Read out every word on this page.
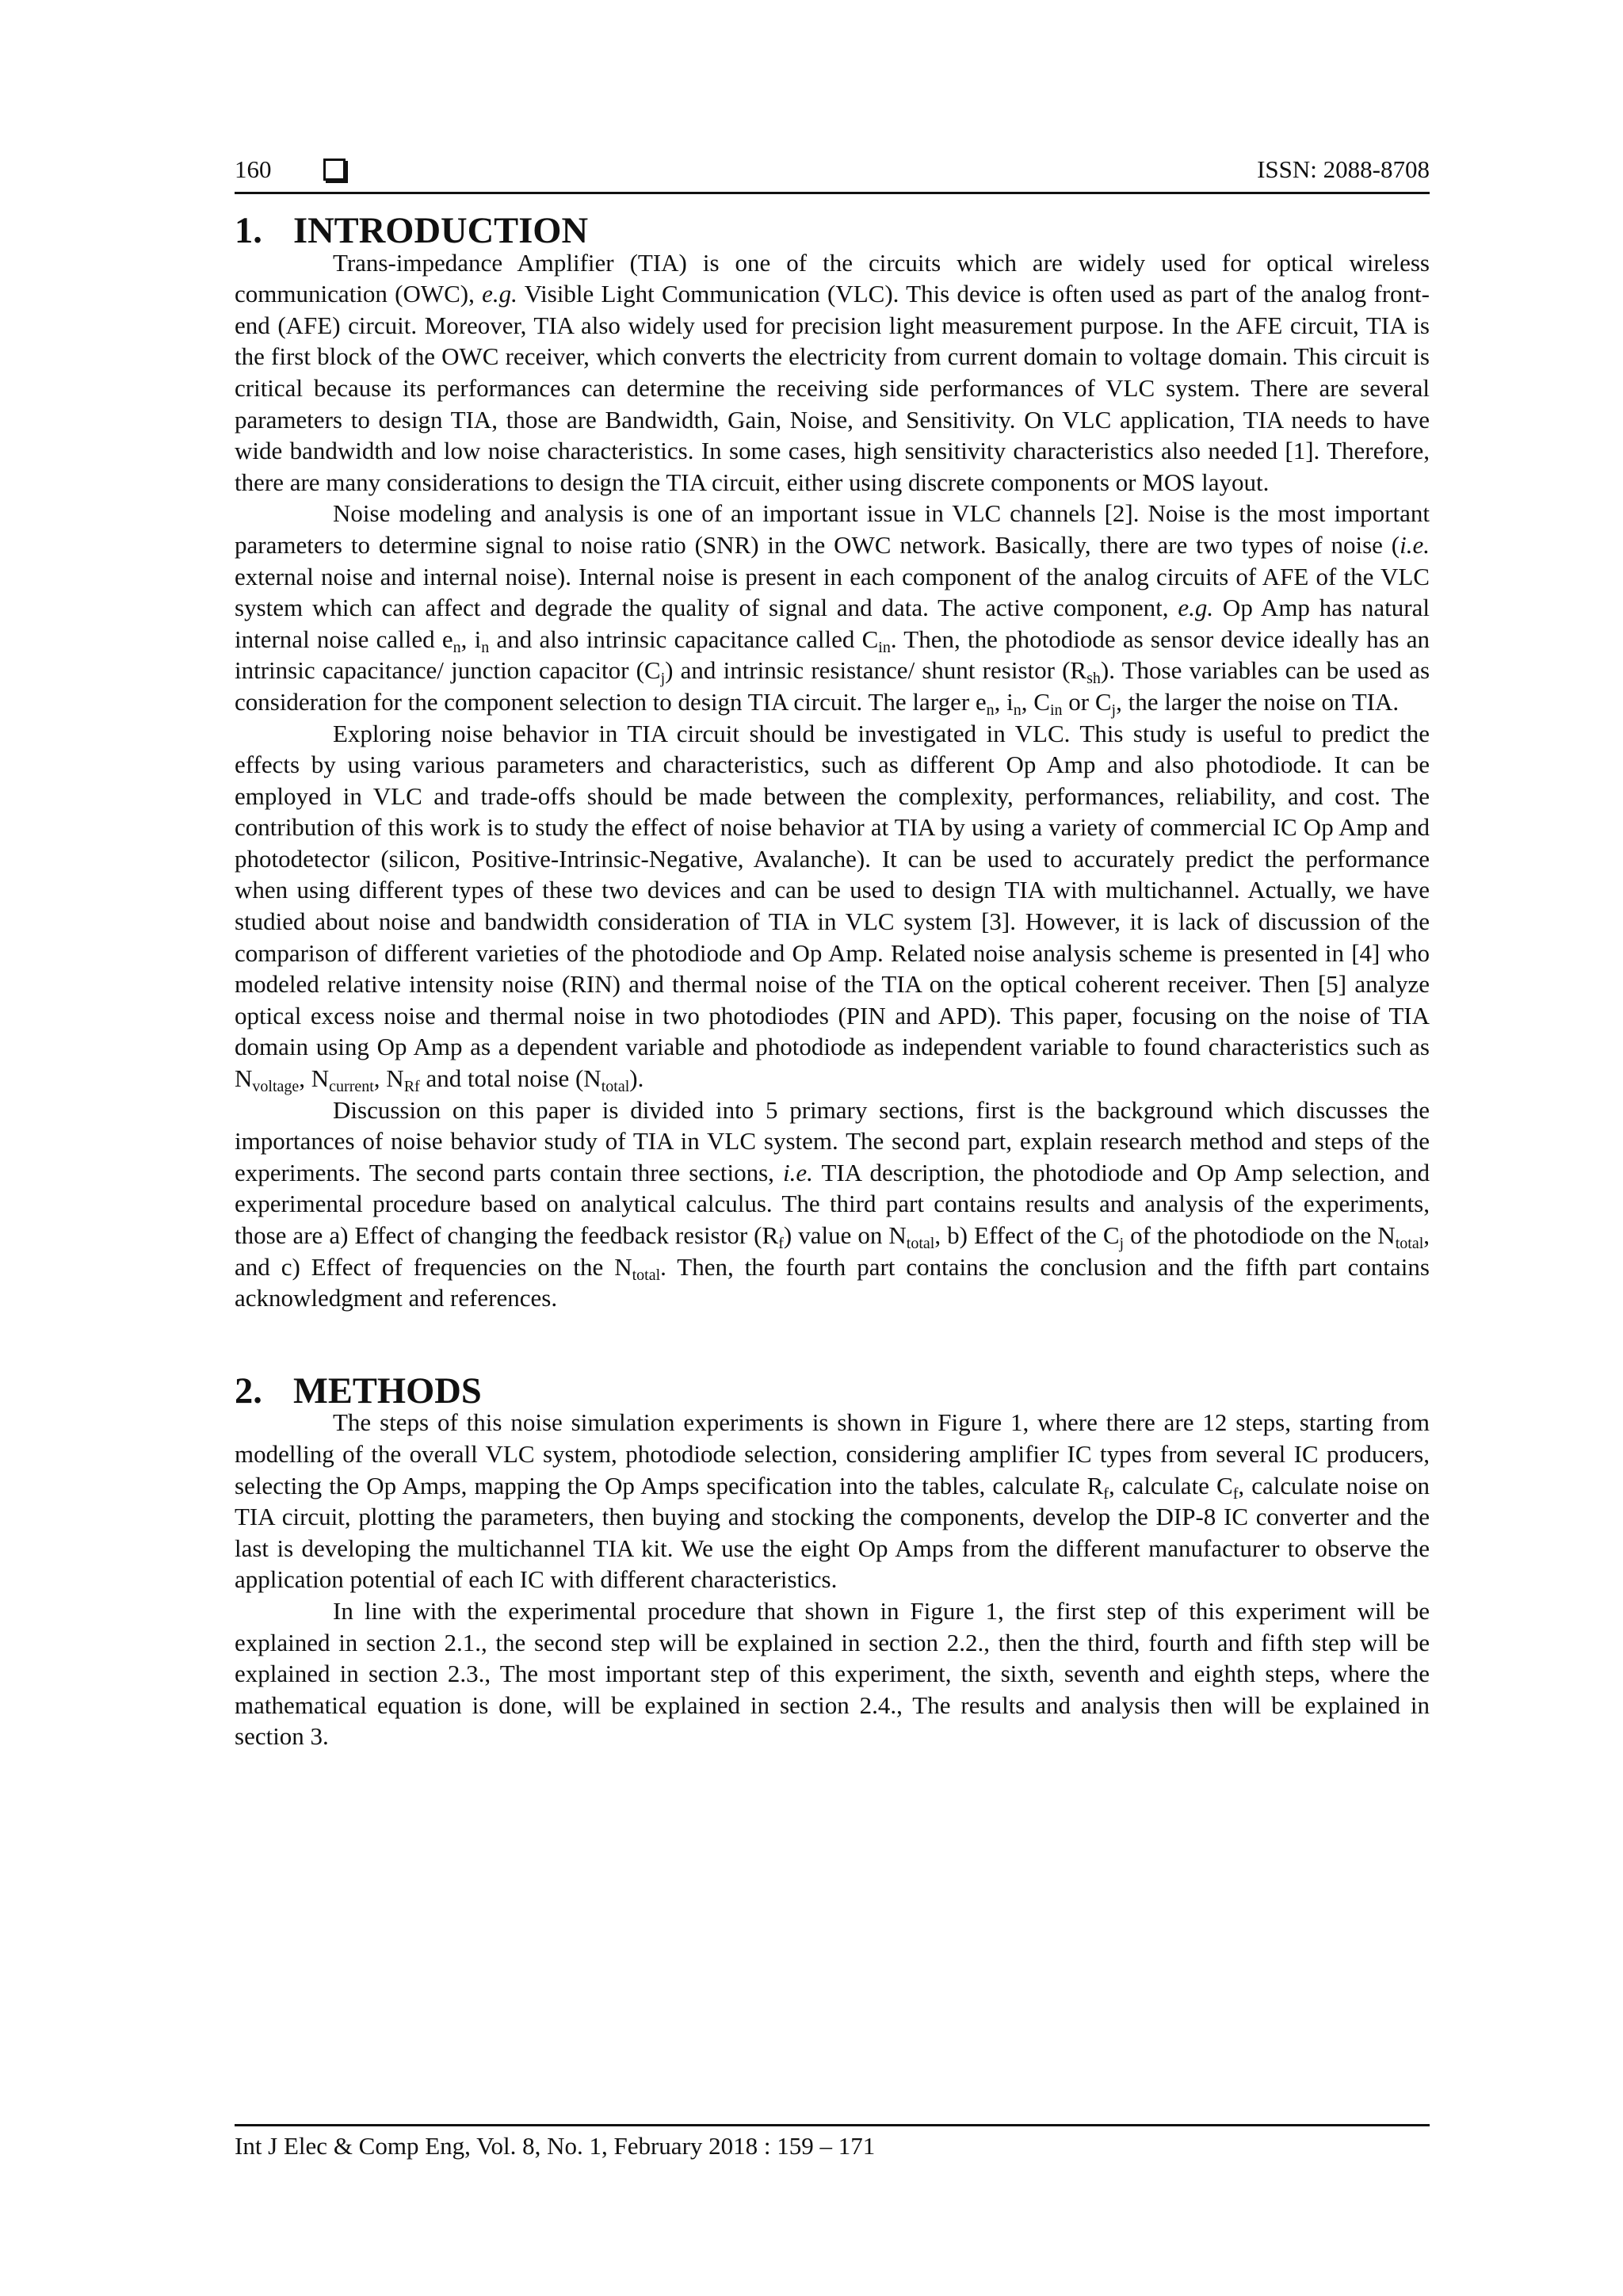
160	ISSN: 2088-8708
1. INTRODUCTION

Trans-impedance Amplifier (TIA) is one of the circuits which are widely used for optical wireless communication (OWC), e.g. Visible Light Communication (VLC). This device is often used as part of the analog front-end (AFE) circuit. Moreover, TIA also widely used for precision light measurement purpose. In the AFE circuit, TIA is the first block of the OWC receiver, which converts the electricity from current domain to voltage domain. This circuit is critical because its performances can determine the receiving side performances of VLC system. There are several parameters to design TIA, those are Bandwidth, Gain, Noise, and Sensitivity. On VLC application, TIA needs to have wide bandwidth and low noise characteristics. In some cases, high sensitivity characteristics also needed [1]. Therefore, there are many considerations to design the TIA circuit, either using discrete components or MOS layout.

Noise modeling and analysis is one of an important issue in VLC channels [2]. Noise is the most important parameters to determine signal to noise ratio (SNR) in the OWC network. Basically, there are two types of noise (i.e. external noise and internal noise). Internal noise is present in each component of the analog circuits of AFE of the VLC system which can affect and degrade the quality of signal and data. The active component, e.g. Op Amp has natural internal noise called $e_n$, $i_n$ and also intrinsic capacitance called $C_{in}$. Then, the photodiode as sensor device ideally has an intrinsic capacitance/ junction capacitor $(C_j)$ and intrinsic resistance/ shunt resistor $(R_{sh})$. Those variables can be used as consideration for the component selection to design TIA circuit. The larger $e_n$, $i_n$, $C_{in}$ or $C_j$, the larger the noise on TIA.

Exploring noise behavior in TIA circuit should be investigated in VLC. This study is useful to predict the effects by using various parameters and characteristics, such as different Op Amp and also photodiode. It can be employed in VLC and trade-offs should be made between the complexity, performances, reliability, and cost. The contribution of this work is to study the effect of noise behavior at TIA by using a variety of commercial IC Op Amp and photodetector (silicon, Positive-Intrinsic-Negative, Avalanche). It can be used to accurately predict the performance when using different types of these two devices and can be used to design TIA with multichannel. Actually, we have studied about noise and bandwidth consideration of TIA in VLC system [3]. However, it is lack of discussion of the comparison of different varieties of the photodiode and Op Amp. Related noise analysis scheme is presented in [4] who modeled relative intensity noise (RIN) and thermal noise of the TIA on the optical coherent receiver. Then [5] analyze optical excess noise and thermal noise in two photodiodes (PIN and APD). This paper, focusing on the noise of TIA domain using Op Amp as a dependent variable and photodiode as independent variable to found characteristics such as $N_{voltage}$, $N_{current}$, $N_{Rf}$ and total noise $(N_{total})$.

Discussion on this paper is divided into 5 primary sections, first is the background which discusses the importances of noise behavior study of TIA in VLC system. The second part, explain research method and steps of the experiments. The second parts contain three sections, i.e. TIA description, the photodiode and Op Amp selection, and experimental procedure based on analytical calculus. The third part contains results and analysis of the experiments, those are a) Effect of changing the feedback resistor $(R_f)$ value on $N_{total}$, b) Effect of the $C_j$ of the photodiode on the $N_{total}$, and c) Effect of frequencies on the $N_{total}$. Then, the fourth part contains the conclusion and the fifth part contains acknowledgment and references.

2. METHODS

The steps of this noise simulation experiments is shown in Figure 1, where there are 12 steps, starting from modelling of the overall VLC system, photodiode selection, considering amplifier IC types from several IC producers, selecting the Op Amps, mapping the Op Amps specification into the tables, calculate $R_f$, calculate $C_f$, calculate noise on TIA circuit, plotting the parameters, then buying and stocking the components, develop the DIP-8 IC converter and the last is developing the multichannel TIA kit. We use the eight Op Amps from the different manufacturer to observe the application potential of each IC with different characteristics.

In line with the experimental procedure that shown in Figure 1, the first step of this experiment will be explained in section 2.1., the second step will be explained in section 2.2., then the third, fourth and fifth step will be explained in section 2.3., The most important step of this experiment, the sixth, seventh and eighth steps, where the mathematical equation is done, will be explained in section 2.4., The results and analysis then will be explained in section 3.

Int J Elec & Comp Eng, Vol. 8, No. 1, February 2018 : 159 – 171
